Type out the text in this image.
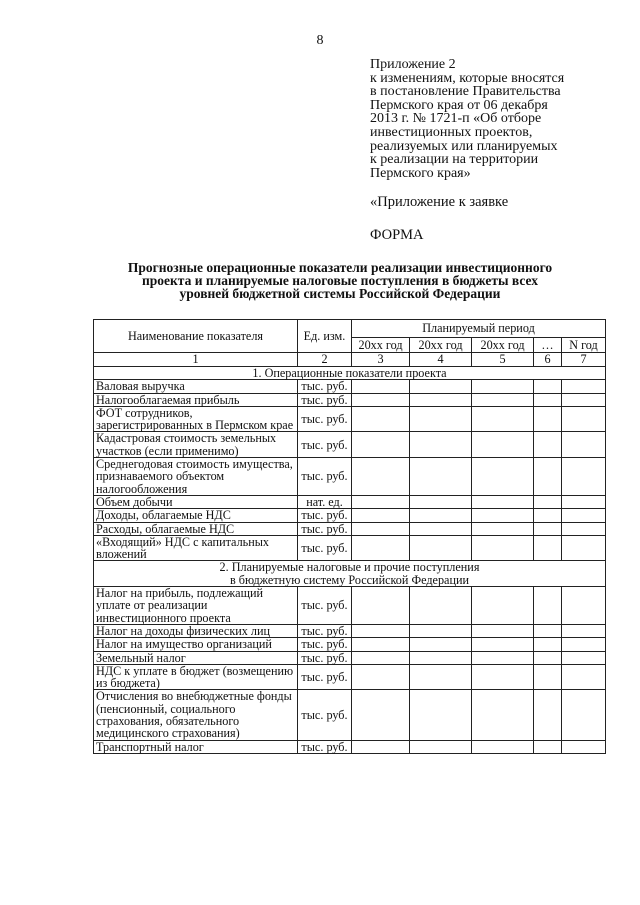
8
Приложение 2
к изменениям, которые вносятся
в постановление Правительства
Пермского края от 06 декабря
2013 г. № 1721-п «Об отборе
инвестиционных проектов,
реализуемых или планируемых
к реализации на территории
Пермского края»
«Приложение к заявке
ФОРМА
Прогнозные операционные показатели реализации инвестиционного
проекта и планируемые налоговые поступления в бюджеты всех
уровней бюджетной системы Российской Федерации
Наименование показателя	Ед. изм.	Планируемый период				
		20хх год	20хх год	20хх год	…	N год
1	2	3	4	5	6	7

1. Операционные показатели проекта						

Валовая выручка	тыс. руб.					
Налогооблагаемая прибыль	тыс. руб.					
ФОТ сотрудников, зарегистрированных в Пермском крае	тыс. руб.					
Кадастровая стоимость земельных участков (если применимо)	тыс. руб.					
Среднегодовая стоимость имущества, признаваемого объектом налогообложения	тыс. руб.					
Объем добычи	нат. ед.					
Доходы, облагаемые НДС	тыс. руб.					
Расходы, облагаемые НДС	тыс. руб.					
«Входящий» НДС с капитальных вложений	тыс. руб.					

2. Планируемые налоговые и прочие поступления
в бюджетную систему Российской Федерации						

Налог на прибыль, подлежащий уплате от реализации инвестиционного проекта	тыс. руб.					
Налог на доходы физических лиц	тыс. руб.					
Налог на имущество организаций	тыс. руб.					
Земельный налог	тыс. руб.					
НДС к уплате в бюджет (возмещению из бюджета)	тыс. руб.					
Отчисления во внебюджетные фонды (пенсионный, социального страхования, обязательного медицинского страхования)	тыс. руб.					
Транспортный налог	тыс. руб.					
